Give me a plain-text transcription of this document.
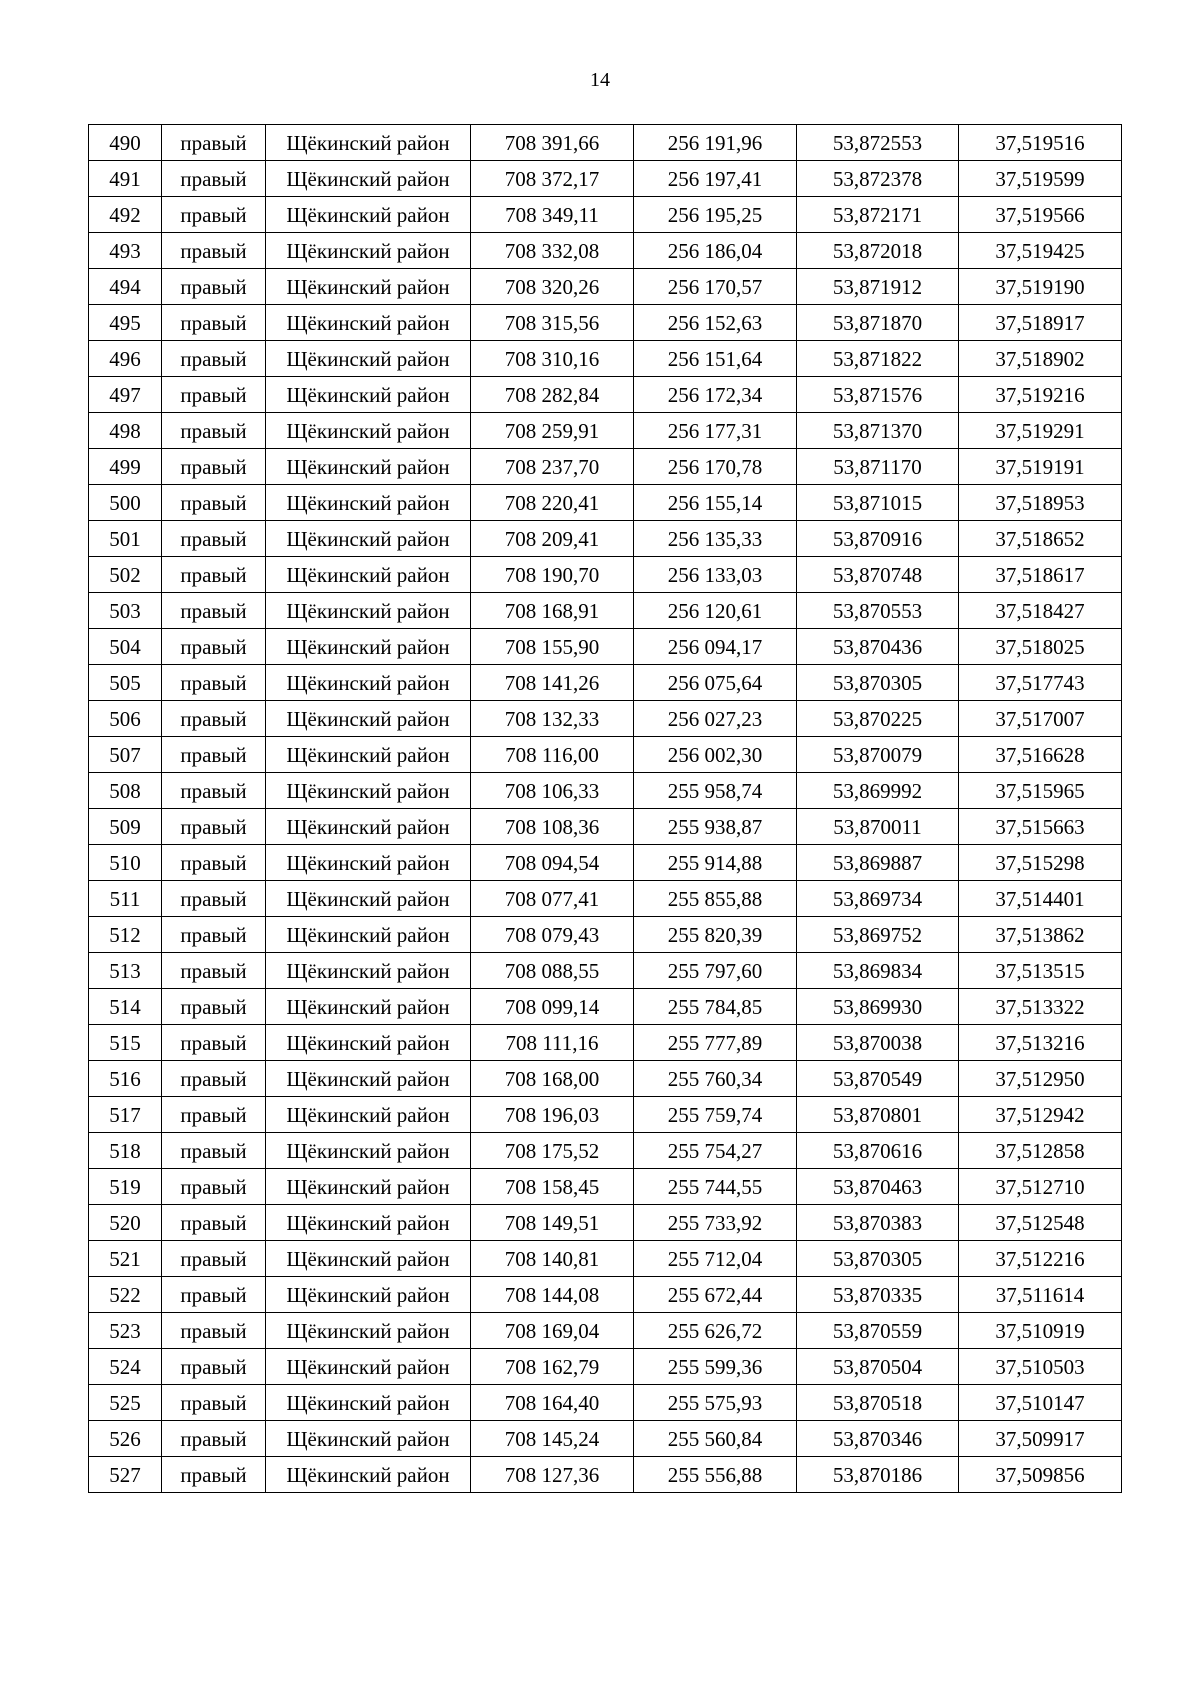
14
490	правый	Щёкинский район	708 391,66	256 191,96	53,872553	37,519516
491	правый	Щёкинский район	708 372,17	256 197,41	53,872378	37,519599
492	правый	Щёкинский район	708 349,11	256 195,25	53,872171	37,519566
493	правый	Щёкинский район	708 332,08	256 186,04	53,872018	37,519425
494	правый	Щёкинский район	708 320,26	256 170,57	53,871912	37,519190
495	правый	Щёкинский район	708 315,56	256 152,63	53,871870	37,518917
496	правый	Щёкинский район	708 310,16	256 151,64	53,871822	37,518902
497	правый	Щёкинский район	708 282,84	256 172,34	53,871576	37,519216
498	правый	Щёкинский район	708 259,91	256 177,31	53,871370	37,519291
499	правый	Щёкинский район	708 237,70	256 170,78	53,871170	37,519191
500	правый	Щёкинский район	708 220,41	256 155,14	53,871015	37,518953
501	правый	Щёкинский район	708 209,41	256 135,33	53,870916	37,518652
502	правый	Щёкинский район	708 190,70	256 133,03	53,870748	37,518617
503	правый	Щёкинский район	708 168,91	256 120,61	53,870553	37,518427
504	правый	Щёкинский район	708 155,90	256 094,17	53,870436	37,518025
505	правый	Щёкинский район	708 141,26	256 075,64	53,870305	37,517743
506	правый	Щёкинский район	708 132,33	256 027,23	53,870225	37,517007
507	правый	Щёкинский район	708 116,00	256 002,30	53,870079	37,516628
508	правый	Щёкинский район	708 106,33	255 958,74	53,869992	37,515965
509	правый	Щёкинский район	708 108,36	255 938,87	53,870011	37,515663
510	правый	Щёкинский район	708 094,54	255 914,88	53,869887	37,515298
511	правый	Щёкинский район	708 077,41	255 855,88	53,869734	37,514401
512	правый	Щёкинский район	708 079,43	255 820,39	53,869752	37,513862
513	правый	Щёкинский район	708 088,55	255 797,60	53,869834	37,513515
514	правый	Щёкинский район	708 099,14	255 784,85	53,869930	37,513322
515	правый	Щёкинский район	708 111,16	255 777,89	53,870038	37,513216
516	правый	Щёкинский район	708 168,00	255 760,34	53,870549	37,512950
517	правый	Щёкинский район	708 196,03	255 759,74	53,870801	37,512942
518	правый	Щёкинский район	708 175,52	255 754,27	53,870616	37,512858
519	правый	Щёкинский район	708 158,45	255 744,55	53,870463	37,512710
520	правый	Щёкинский район	708 149,51	255 733,92	53,870383	37,512548
521	правый	Щёкинский район	708 140,81	255 712,04	53,870305	37,512216
522	правый	Щёкинский район	708 144,08	255 672,44	53,870335	37,511614
523	правый	Щёкинский район	708 169,04	255 626,72	53,870559	37,510919
524	правый	Щёкинский район	708 162,79	255 599,36	53,870504	37,510503
525	правый	Щёкинский район	708 164,40	255 575,93	53,870518	37,510147
526	правый	Щёкинский район	708 145,24	255 560,84	53,870346	37,509917
527	правый	Щёкинский район	708 127,36	255 556,88	53,870186	37,509856
